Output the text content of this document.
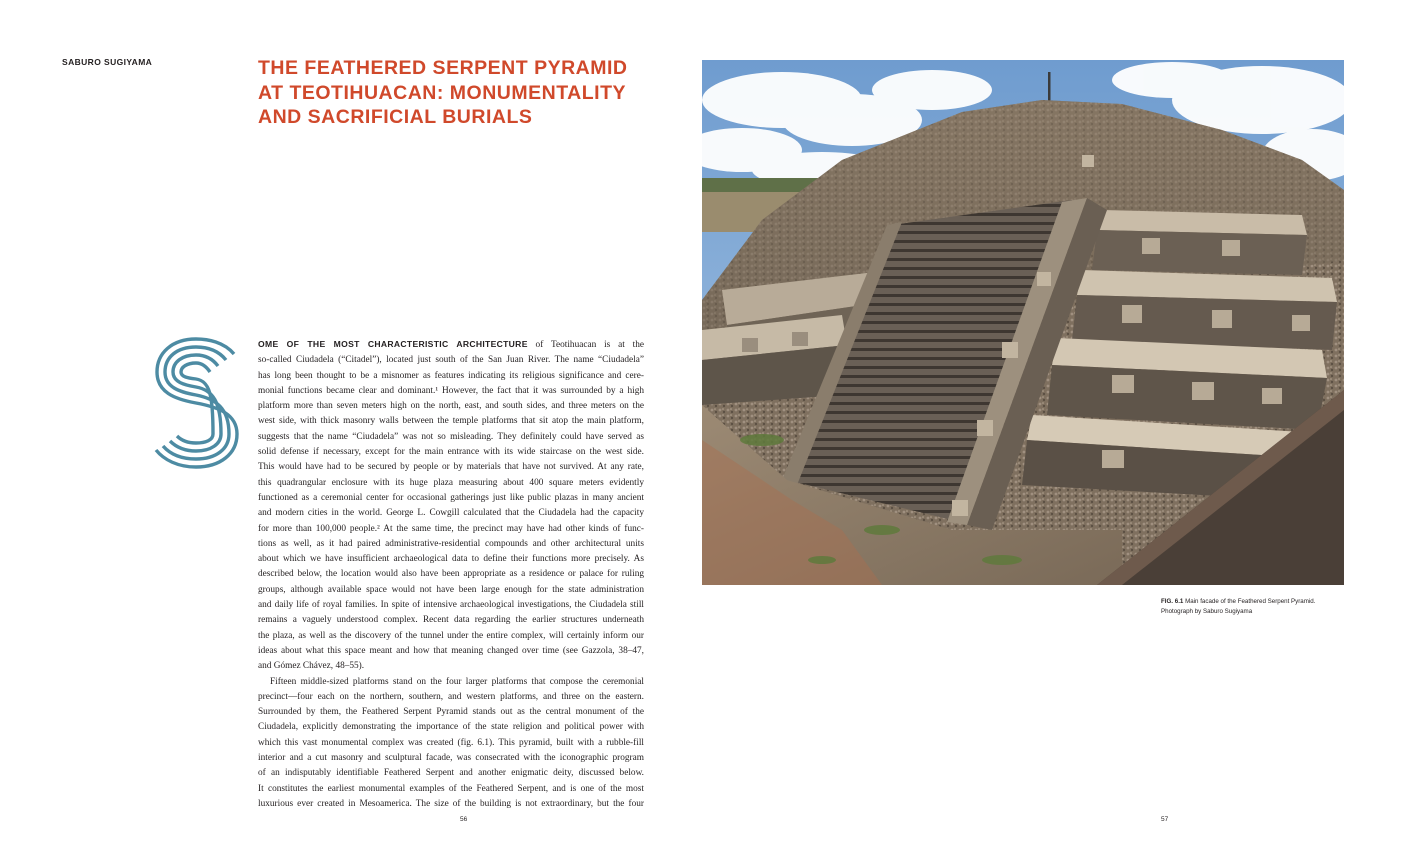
SABURO SUGIYAMA	THE FEATHERED SERPENT PYRAMID
AT TEOTIHUACAN: MONUMENTALITY
AND SACRIFICIAL BURIALS

OME OF THE MOST CHARACTERISTIC ARCHITECTURE of Teotihuacan is at the
so-called Ciudadela (“Citadel”), located just south of the San Juan River. The name “Ciudadela”
has long been thought to be a misnomer as features indicating its religious significance and cere-
monial functions became clear and dominant.¹ However, the fact that it was surrounded by a high
platform more than seven meters high on the north, east, and south sides, and three meters on the
west side, with thick masonry walls between the temple platforms that sit atop the main platform,
suggests that the name “Ciudadela” was not so misleading. They definitely could have served as
solid defense if necessary, except for the main entrance with its wide staircase on the west side.
This would have had to be secured by people or by materials that have not survived. At any rate,
this quadrangular enclosure with its huge plaza measuring about 400 square meters evidently
functioned as a ceremonial center for occasional gatherings just like public plazas in many ancient
and modern cities in the world. George L. Cowgill calculated that the Ciudadela had the capacity
for more than 100,000 people.² At the same time, the precinct may have had other kinds of func-
tions as well, as it had paired administrative-residential compounds and other architectural units
about which we have insufficient archaeological data to define their functions more precisely. As
described below, the location would also have been appropriate as a residence or palace for ruling
groups, although available space would not have been large enough for the state administration
and daily life of royal families. In spite of intensive archaeological investigations, the Ciudadela still
remains a vaguely understood complex. Recent data regarding the earlier structures underneath
the plaza, as well as the discovery of the tunnel under the entire complex, will certainly inform our
ideas about what this space meant and how that meaning changed over time (see Gazzola, 38–47,
and Gómez Chávez, 48–55).

Fifteen middle-sized platforms stand on the four larger platforms that compose the ceremonial
precinct—four each on the northern, southern, and western platforms, and three on the eastern.
Surrounded by them, the Feathered Serpent Pyramid stands out as the central monument of the
Ciudadela, explicitly demonstrating the importance of the state religion and political power with
which this vast monumental complex was created (fig. 6.1). This pyramid, built with a rubble-fill
interior and a cut masonry and sculptural facade, was consecrated with the iconographic program
of an indisputably identifiable Feathered Serpent and another enigmatic deity, discussed below.
It constitutes the earliest monumental examples of the Feathered Serpent, and is one of the most
luxurious ever created in Mesoamerica. The size of the building is not extraordinary, but the four

FIG. 6.1 Main facade of the Feathered Serpent Pyramid.
Photograph by Saburo Sugiyama
56	57
